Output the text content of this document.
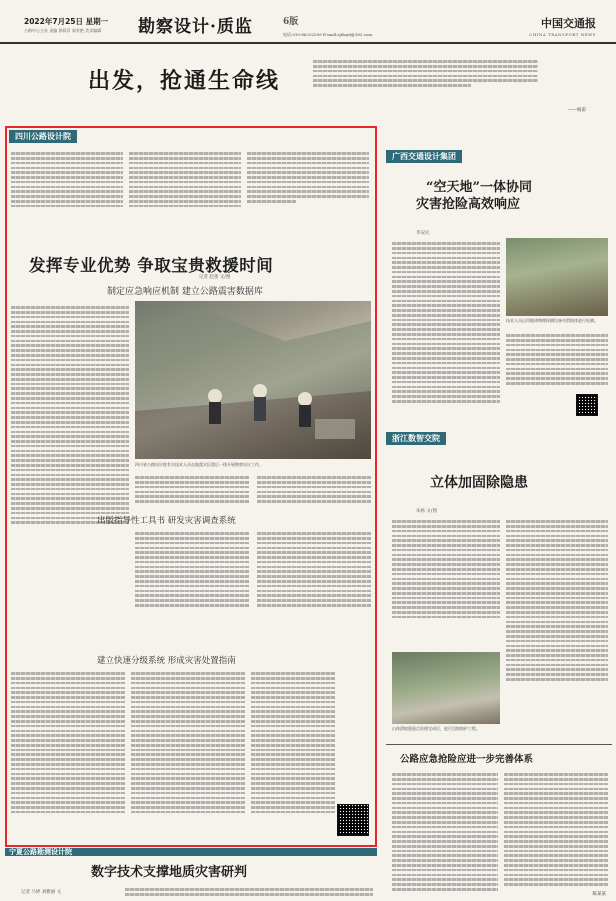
2022年7月25日 星期一
公路中心主办 责编 徐莉萍 周芳艳 美术编辑 勘察设计·质监	6版
电话:010-66252599 E-mail:zjtbzjd@163.com
中国交通报
CHINA TRANSPORT NEWS
出发，抢通生命线
——杨甫
四川公路设计院
发挥专业优势 争取宝贵救援时间
记者 赵蕾 文/图
制定应急响应机制 建立公路震害数据库
四川省公路设计院有关技术人员在地震灾区震后一线开展勘察设计工作。
出版指导性工具书 研发灾害调查系统
建立快速分级系统 形成灾害处置指南
广西交通设计集团
“空天地”一体协同
灾害抢险高效响应
李安民
技术人员运用地球物理探测设备对滑坡体进行检测。
浙江数智交院
立体加固除隐患
朱杨 文/图
山体滑坡隐患点治理完成后，进行边坡防护工程。
宁夏公路勘测设计院
数字技术支撑地质灾害研判
记者 马婷 刘雅丽 文
公路应急抢险应进一步完善体系
陈某某
